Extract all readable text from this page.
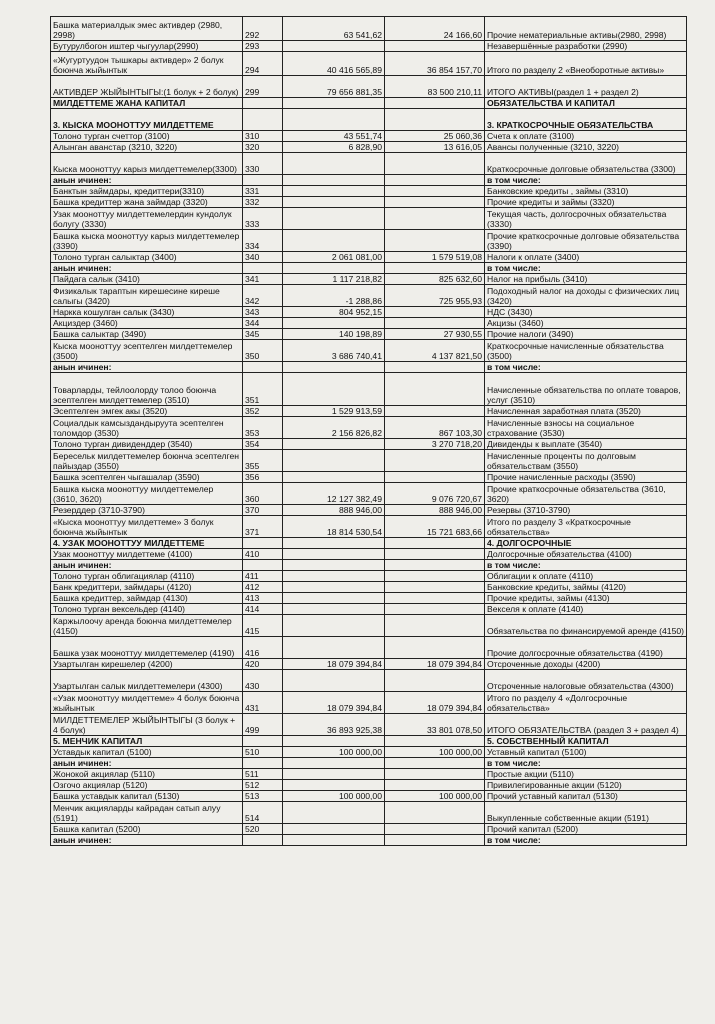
Башка материалдык эмес активдер (2980, 2998)	292	63 541,62	24 166,60	Прочие нематериальные активы(2980, 2998)
Бутурулбогон иштер чыгуулар(2990)	293			Незавершённые разработки (2990)
«Жугуртуудон тышкары активдер» 2 болук боюнча жыйынтык	294	40 416 565,89	36 854 157,70	Итого по разделу 2 «Внеоборотные активы»
АКТИВДЕР ЖЫЙЫНТЫГЫ:(1 болук + 2 болук)	299	79 656 881,35	83 500 210,11	ИТОГО АКТИВЫ(раздел 1 + раздел 2)
МИЛДЕТТЕМЕ ЖАНА КАПИТАЛ				ОБЯЗАТЕЛЬСТВА И КАПИТАЛ
3. КЫСКА МООНОТТУУ МИЛДЕТТЕМЕ				3. КРАТКОСРОЧНЫЕ ОБЯЗАТЕЛЬСТВА
Толоно турган счеттор (3100)	310	43 551,74	25 060,36	Счета к оплате (3100)
Алынган аванстар (3210, 3220)	320	6 828,90	13 616,05	Авансы полученные (3210, 3220)
Кыска мооноттуу карыз милдеттемелер(3300)	330			Краткосрочные долговые обязательства (3300)
анын ичинен:				в том числе:
Банктын займдары, кредиттери(3310)	331			Банковские кредиты , займы (3310)
Башка кредиттер жана займдар (3320)	332			Прочие кредиты и займы (3320)
Узак мооноттуу милдеттемелердин кундолук болугу (3330)	333			Текущая часть, долгосрочных обязательства (3330)
Башка кыска мооноттуу карыз милдеттемелер (3390)	334			Прочие краткосрочные долговые обязательства (3390)
Толоно турган салыктар (3400)	340	2 061 081,00	1 579 519,08	Налоги к оплате (3400)
анын ичинен:				в том числе:
Пайдага салык (3410)	341	1 117 218,82	825 632,60	Налог на прибыль (3410)
Физикалык тараптын кирешесине киреше салыгы (3420)	342	-1 288,86	725 955,93	Подоходный налог на доходы с физических лиц (3420)
Наркка кошулган салык (3430)	343	804 952,15		НДС (3430)
Акциздер (3460)	344			Акцизы (3460)
Башка салыктар (3490)	345	140 198,89	27 930,55	Прочие налоги (3490)
Кыска мооноттуу эсептелген милдеттемелер (3500)	350	3 686 740,41	4 137 821,50	Краткосрочные начисленные обязательства (3500)
анын ичинен:				в том числе:
Товарларды, тейлоолорду толоо боюнча эсептелген милдеттемелер (3510)	351			Начисленные обязательства по оплате товаров, услуг (3510)
Эсептелген эмгек акы (3520)	352	1 529 913,59		Начисленная заработная плата (3520)
Социалдык камсыздандыруута эсептелген толомдор (3530)	353	2 156 826,82	867 103,30	Начисленные взносы на социальное страхование (3530)
Толоно турган дивиденддер (3540)	354		3 270 718,20	Дивиденды к выплате (3540)
Бересельк милдеттемелер боюнча эсептелген пайыздар (3550)	355			Начисленные проценты по долговым обязательствам (3550)
Башка эсептелген чыгашалар (3590)	356			Прочие начисленные расходы (3590)
Башка кыска мооноттуу милдеттемелер (3610, 3620)	360	12 127 382,49	9 076 720,67	Прочие краткосрочные обязательства (3610, 3620)
Резерддер (3710-3790)	370	888 946,00	888 946,00	Резервы (3710-3790)
«Кыска мооноттуу милдеттеме» 3 болук боюнча жыйынтык	371	18 814 530,54	15 721 683,66	Итого по разделу 3 «Краткосрочные обязательства»
4. УЗАК МООНОТТУУ МИЛДЕТТЕМЕ				4. ДОЛГОСРОЧНЫЕ
Узак мооноттуу милдеттеме (4100)	410			Долгосрочные обязательства (4100)
анын ичинен:				в том числе:
Толоно турган облигациялар (4110)	411			Облигации к оплате (4110)
Банк кредиттери, займдары (4120)	412			Банковские кредиты, займы (4120)
Башка кредиттер, займдар (4130)	413			Прочие кредиты, займы (4130)
Толоно турган вексельдер (4140)	414			Векселя к оплате (4140)
Каржылоочу аренда боюнча милдеттемелер (4150)	415			Обязательства по финансируемой аренде (4150)
Башка узак мооноттуу милдеттемелер (4190)	416			Прочие долгосрочные обязательства (4190)
Узартылган кирешелер (4200)	420	18 079 394,84	18 079 394,84	Отсроченные доходы (4200)
Узартылган салык милдеттемелери (4300)	430			Отсроченные налоговые обязательства (4300)
«Узак мооноттуу милдеттеме» 4 болук боюнча жыйынтык	431	18 079 394,84	18 079 394,84	Итого по разделу 4 «Долгосрочные обязательства»
МИЛДЕТТЕМЕЛЕР ЖЫЙЫНТЫГЫ (3 болук + 4 болук)	499	36 893 925,38	33 801 078,50	ИТОГО ОБЯЗАТЕЛЬСТВА (раздел 3 + раздел 4)
5. МЕНЧИК КАПИТАЛ				5. СОБСТВЕННЫЙ КАПИТАЛ
Уставдык капитал (5100)	510	100 000,00	100 000,00	Уставный капитал (5100)
анын ичинен:				в том числе:
Жонокой акциялар (5110)	511			Простые акции (5110)
Озгочо акциялар (5120)	512			Привилегированные акции (5120)
Башка уставдык капитал (5130)	513	100 000,00	100 000,00	Прочий уставный капитал (5130)
Менчик акцияларды кайрадан сатып алуу (5191)	514			Выкупленные собственные акции (5191)
Башка капитал (5200)	520			Прочий капитал (5200)
анын ичинен:				в том числе:
